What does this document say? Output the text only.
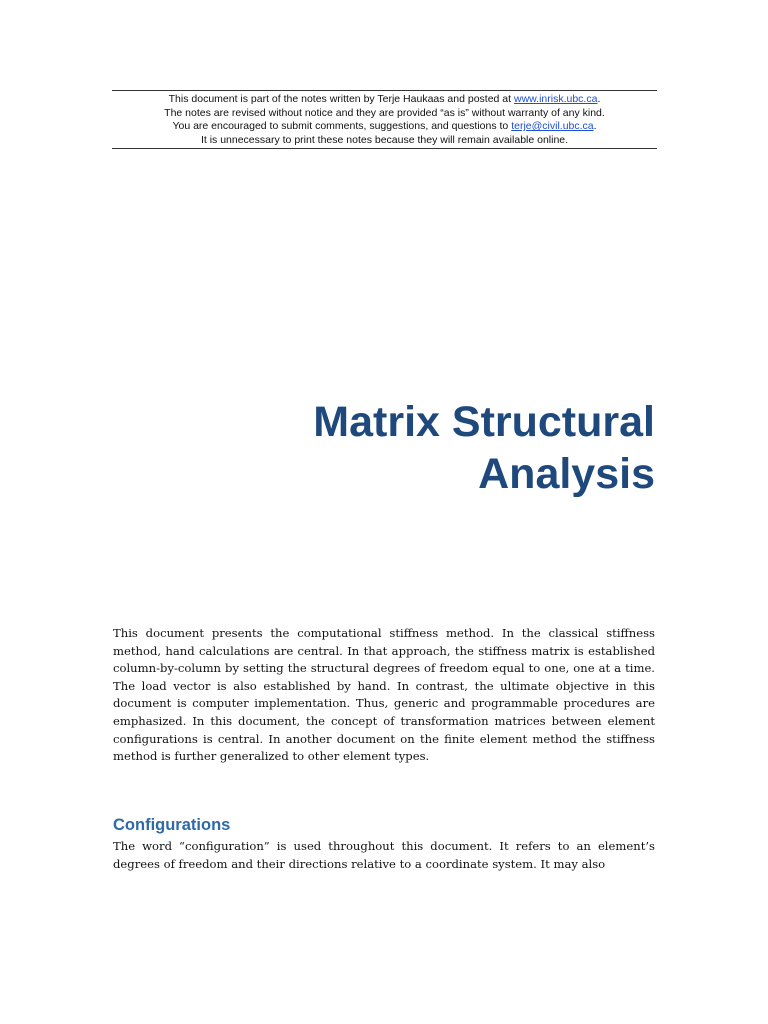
This document is part of the notes written by Terje Haukaas and posted at www.inrisk.ubc.ca.
The notes are revised without notice and they are provided “as is” without warranty of any kind.
You are encouraged to submit comments, suggestions, and questions to terje@civil.ubc.ca.
It is unnecessary to print these notes because they will remain available online.
Matrix Structural
Analysis

This document presents the computational stiffness method. In the classical stiffness method, hand calculations are central. In that approach, the stiffness matrix is established column-by-column by setting the structural degrees of freedom equal to one, one at a time. The load vector is also established by hand. In contrast, the ultimate objective in this document is computer implementation. Thus, generic and programmable procedures are emphasized. In this document, the concept of transformation matrices between element configurations is central. In another document on the finite element method the stiffness method is further generalized to other element types.

Configurations

The word “configuration” is used throughout this document. It refers to an element’s degrees of freedom and their directions relative to a coordinate system. It may also
